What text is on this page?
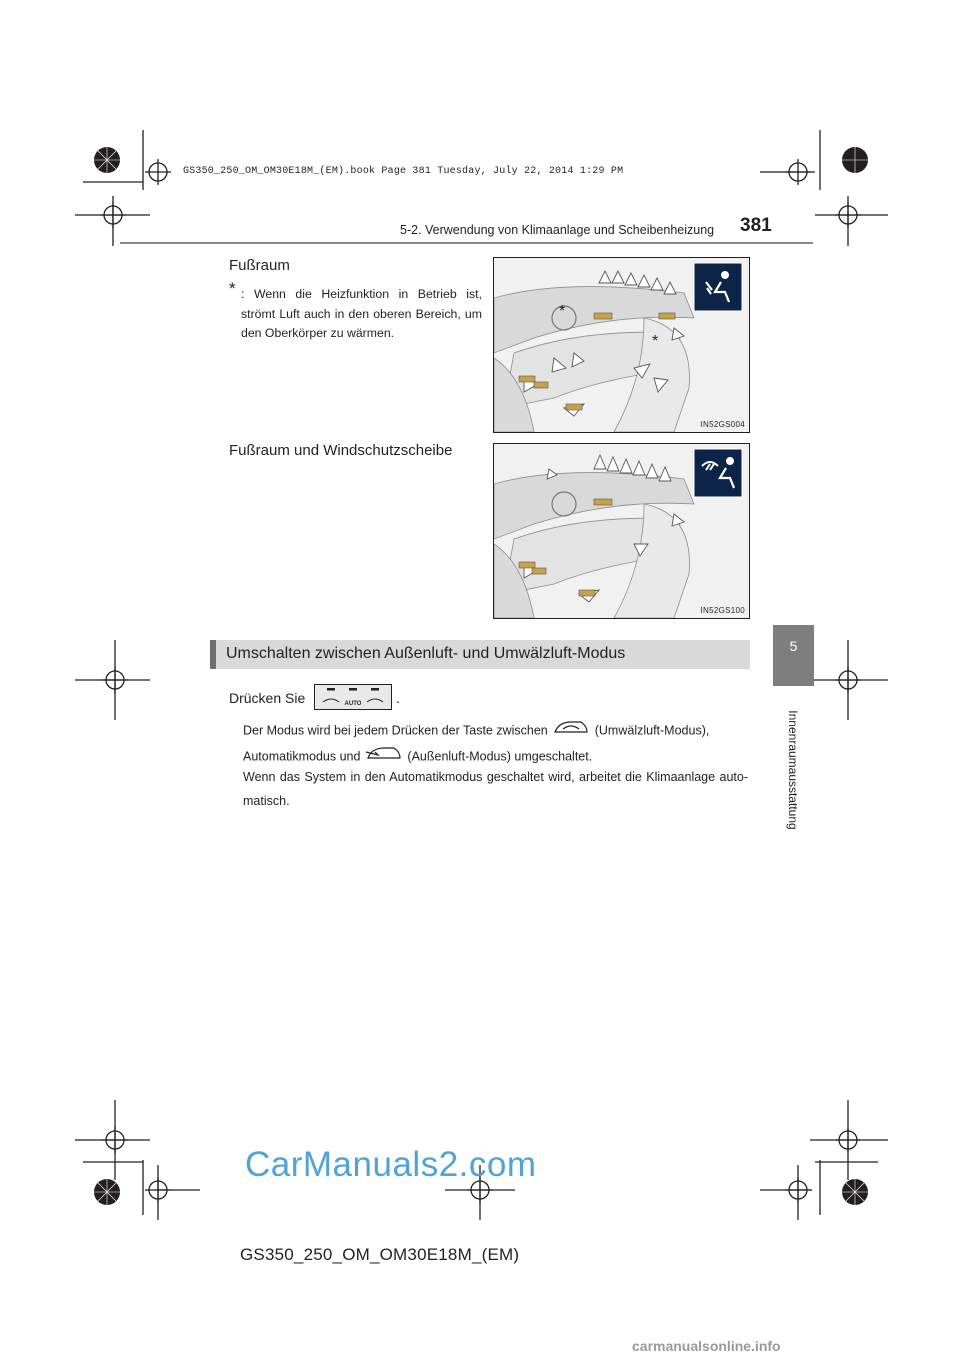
GS350_250_OM_OM30E18M_(EM).book Page 381 Tuesday, July 22, 2014 1:29 PM
5-2. Verwendung von Klimaanlage und Scheibenheizung 381
5
Innenraumausstattung
Fußraum
* : Wenn die Heizfunktion in Betrieb ist, strömt Luft auch in den oberen Bereich, um den Oberkörper zu wärmen.
*
*
IN52GS004
Fußraum und Windschutzscheibe
IN52GS100
Umschalten zwischen Außenluft- und Umwälzluft-Modus
Drücken Sie	AUTO .
Der Modus wird bei jedem Drücken der Taste zwischen	(Umwälzluft-Modus),
Automatikmodus und	(Außenluft-Modus) umgeschaltet.
Wenn das System in den Automatikmodus geschaltet wird, arbeitet die Klimaanlage auto-matisch.
CarManuals2.com
GS350_250_OM_OM30E18M_(EM)
carmanualsonline.info
